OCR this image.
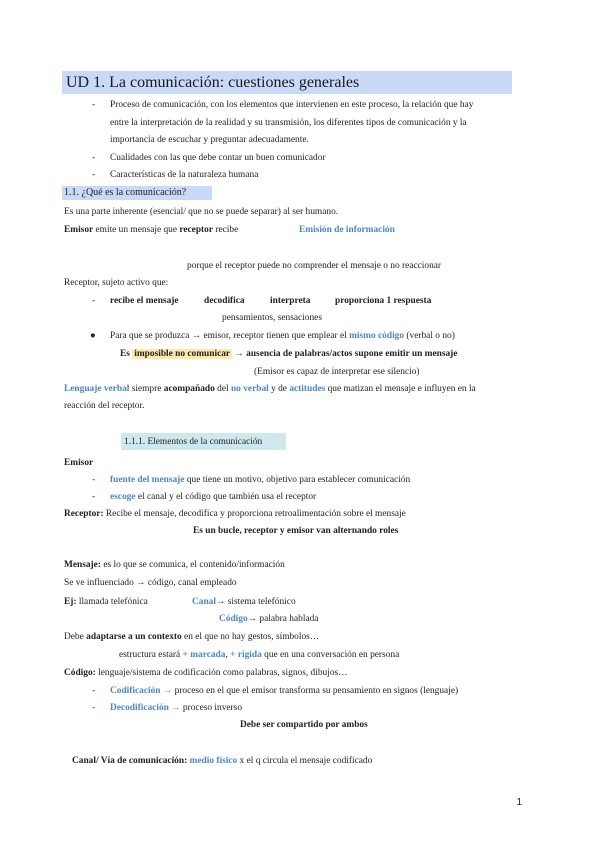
UD 1. La comunicación: cuestiones generales
- Proceso de comunicación, con los elementos que intervienen en este proceso, la relación que hay
entre la interpretación de la realidad y su transmisión, los diferentes tipos de comunicación y la
importancia de escuchar y preguntar adecuadamente.
- Cualidades con las que debe contar un buen comunicador
- Características de la naturaleza humana
1.1. ¿Qué es la comunicación?
Es una parte inherente (esencial/ que no se puede separar) al ser humano.
Emisor emite un mensaje que receptor recibe	Emisión de información
porque el receptor puede no comprender el mensaje o no reaccionar
Receptor, sujeto activo que:
- recibe el mensaje	decodifica	interpreta	proporciona 1 respuesta
pensamientos, sensaciones
● Para que se produzca → emisor, receptor tienen que emplear el mismo código (verbal o no)
Es imposible no comunicar → ausencia de palabras/actos supone emitir un mensaje
(Emisor es capaz de interpretar ese silencio)
Lenguaje verbal siempre acompañado del no verbal y de actitudes que matizan el mensaje e influyen en la
reacción del receptor.
1.1.1. Elementos de la comunicación
Emisor
- fuente del mensaje que tiene un motivo, objetivo para establecer comunicación
- escoge el canal y el código que también usa el receptor
Receptor: Recibe el mensaje, decodifica y proporciona retroalimentación sobre el mensaje
Es un bucle, receptor y emisor van alternando roles
Mensaje: es lo que se comunica, el contenido/información
Se ve influenciado → código, canal empleado
Ej: llamada telefónica	Canal→ sistema telefónico
Código→ palabra hablada
Debe adaptarse a un contexto en el que no hay gestos, símbolos…
estructura estará + marcada, + rígida que en una conversación en persona
Código: lenguaje/sistema de codificación como palabras, signos, dibujos…
- Codificación → proceso en el que el emisor transforma su pensamiento en signos (lenguaje)
- Decodificación → proceso inverso
Debe ser compartido por ambos
Canal/ Vía de comunicación: medio físico x el q circula el mensaje codificado
1
